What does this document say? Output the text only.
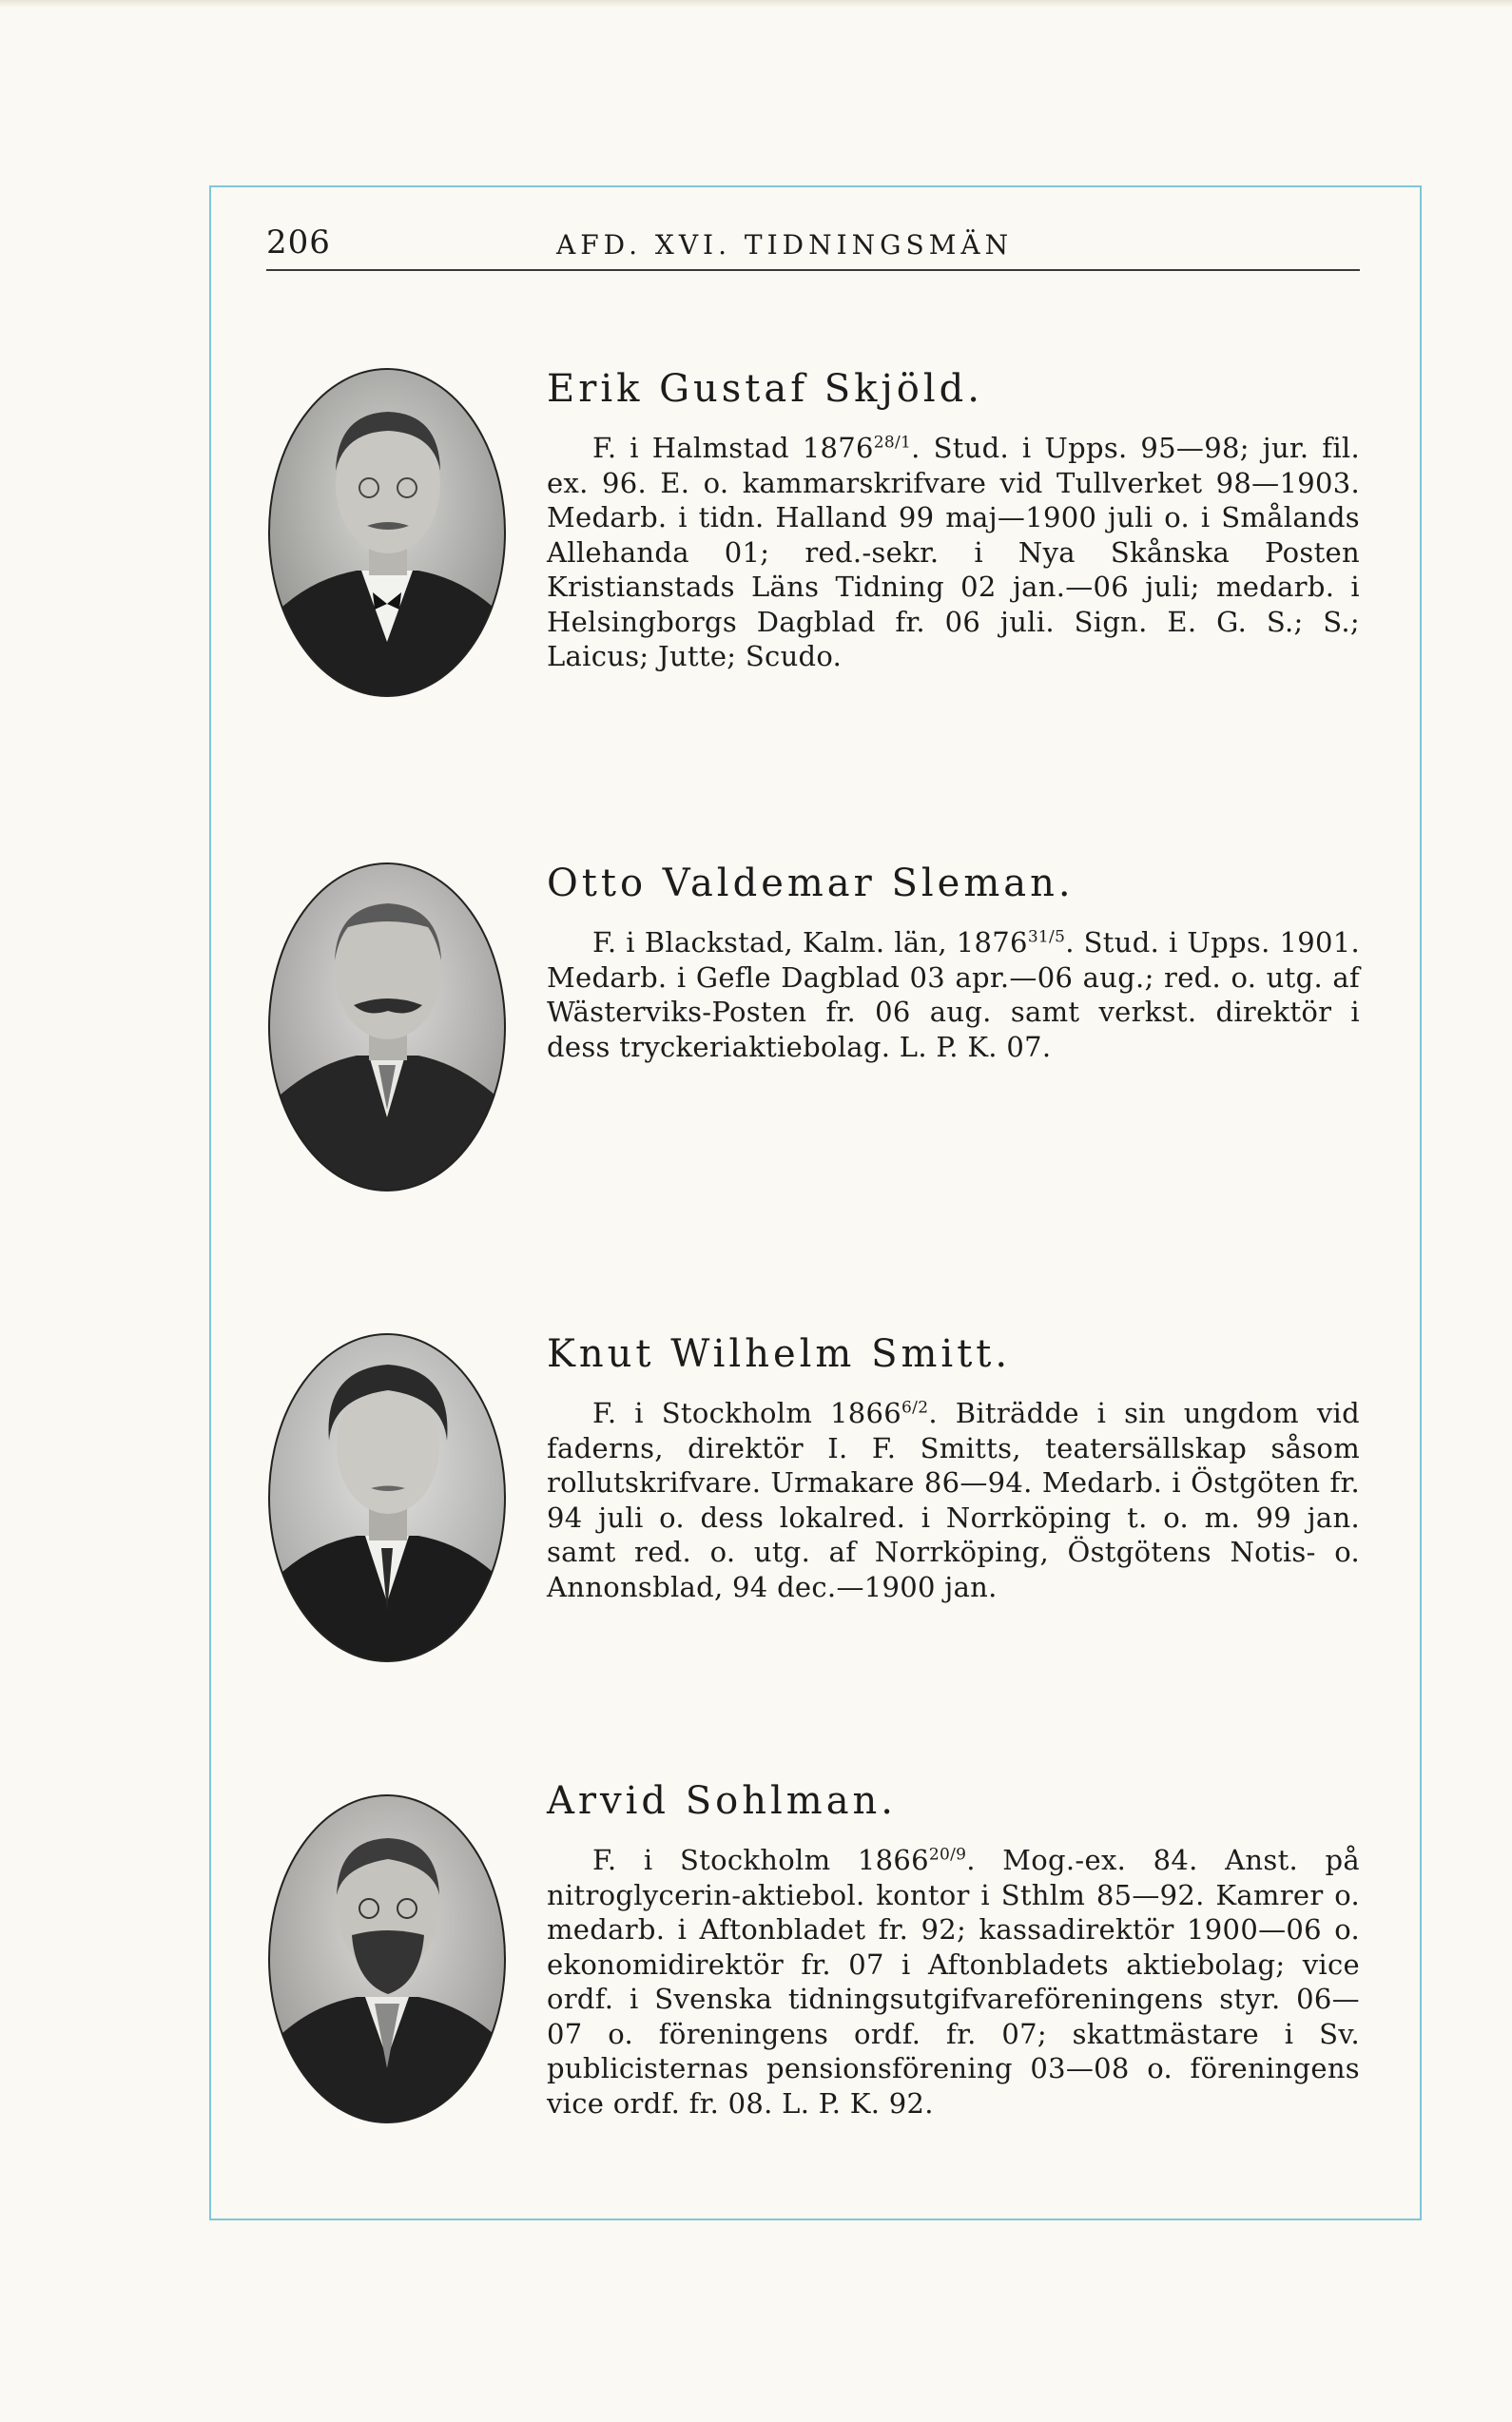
206	AFD. XVI. TIDNINGSMÄN
Erik Gustaf Skjöld.

F. i Halmstad $1876^{28/1}$. Stud. i Upps. 95—98; jur. fil. ex. 96. E. o. kammarskrifvare vid Tullverket 98—1903. Medarb. i tidn. Halland 99 maj—1900 juli o. i Smålands Allehanda 01; red.-sekr. i Nya Skånska Posten Kristianstads Läns Tidning 02 jan.—06 juli; medarb. i Helsingborgs Dagblad fr. 06 juli. Sign. E. G. S.; S.; Laicus; Jutte; Scudo.

Otto Valdemar Sleman.

F. i Blackstad, Kalm. län, $1876^{31/5}$. Stud. i Upps. 1901. Medarb. i Gefle Dagblad 03 apr.—06 aug.; red. o. utg. af Wästerviks-Posten fr. 06 aug. samt verkst. direktör i dess tryckeriaktiebolag. L. P. K. 07.

Knut Wilhelm Smitt.

F. i Stockholm $1866^{6/2}$. Biträdde i sin ungdom vid faderns, direktör I. F. Smitts, teatersällskap såsom rollutskrifvare. Urmakare 86—94. Medarb. i Östgöten fr. 94 juli o. dess lokalred. i Norrköping t. o. m. 99 jan. samt red. o. utg. af Norrköping, Östgötens Notis- o. Annonsblad, 94 dec.—1900 jan.

Arvid Sohlman.

F. i Stockholm $1866^{20/9}$. Mog.-ex. 84. Anst. på nitroglycerin-aktiebol. kontor i Sthlm 85—92. Kamrer o. medarb. i Aftonbladet fr. 92; kassadirektör 1900—06 o. ekonomidirektör fr. 07 i Aftonbladets aktiebolag; vice ordf. i Svenska tidningsutgifvareföreningens styr. 06—07 o. föreningens ordf. fr. 07; skattmästare i Sv. publicisternas pensionsförening 03—08 o. föreningens vice ordf. fr. 08. L. P. K. 92.
